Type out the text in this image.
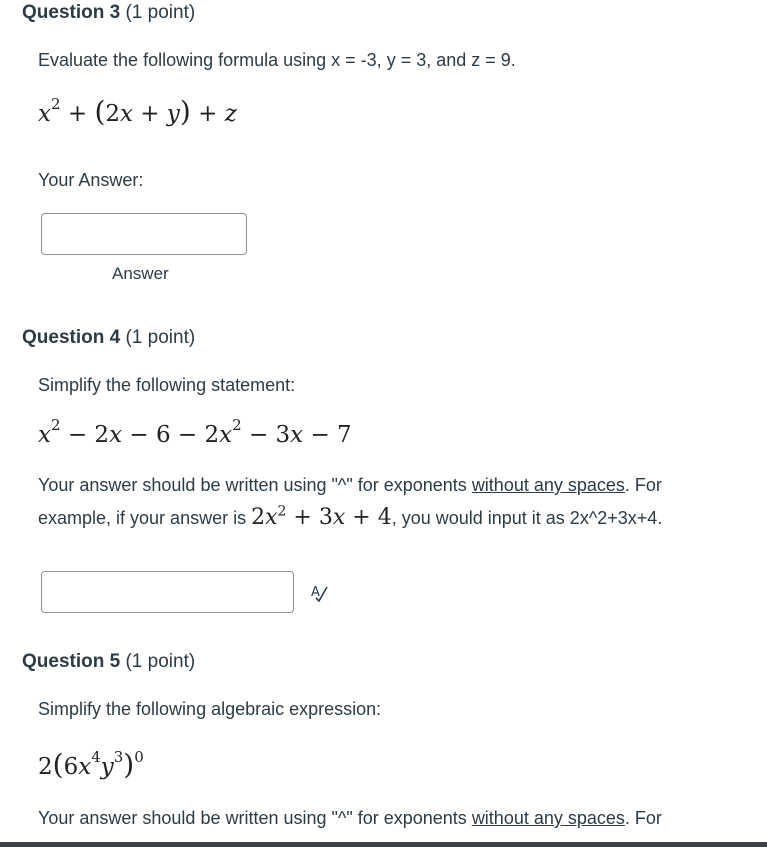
Question 3 (1 point)
Evaluate the following formula using x = -3, y = 3, and z = 9.
$x^2 + (2x + y) + z$
Your Answer:
Answer
Question 4 (1 point)
Simplify the following statement:
$x^2 - 2x - 6 - 2x^2 - 3x - 7$
Your answer should be written using "^" for exponents without any spaces. For
example, if your answer is $2x^2 + 3x + 4$, you would input it as 2x^2+3x+4.
A
Question 5 (1 point)
Simplify the following algebraic expression:
$2(6x^4y^3)^0$
Your answer should be written using "^" for exponents without any spaces. For
